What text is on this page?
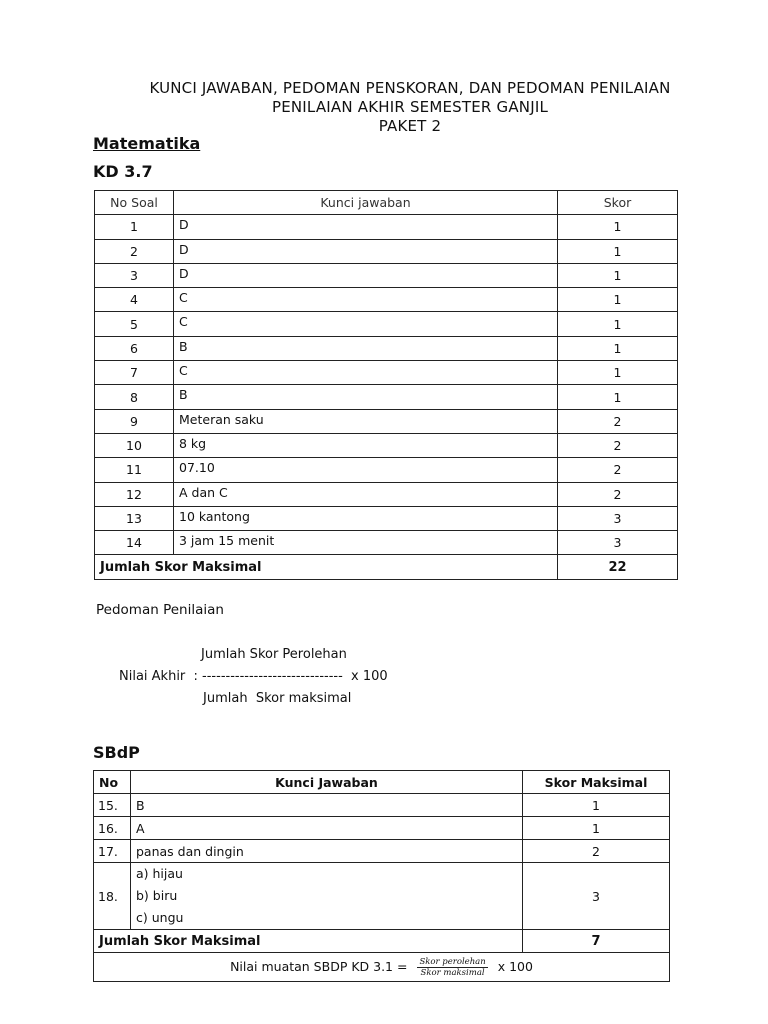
KUNCI JAWABAN, PEDOMAN PENSKORAN, DAN PEDOMAN PENILAIAN
PENILAIAN AKHIR SEMESTER GANJIL
PAKET 2
Matematika
KD 3.7
No Soal	Kunci jawaban	Skor
1	D	1
2	D	1
3	D	1
4	C	1
5	C	1
6	B	1
7	C	1
8	B	1
9	Meteran saku	2
10	8 kg	2
11	07.10	2
12	A dan C	2
13	10 kantong	3
14	3 jam 15 menit	3
Jumlah Skor Maksimal		22
Pedoman Penilaian
Jumlah Skor Perolehan
Nilai Akhir  : ------------------------------  x 100
Jumlah  Skor maksimal
SBdP
No	Kunci Jawaban	Skor Maksimal
15.	B	1
16.	A	1
17.	panas dan dingin	2
18.	a) hijau
b) biru
c) ungu	3
Jumlah Skor Maksimal		7
Nilai muatan SBDP KD $3.1 = \frac{\text{Skor perolehan}}{\text{Skor maksimal}}$ x 100		
